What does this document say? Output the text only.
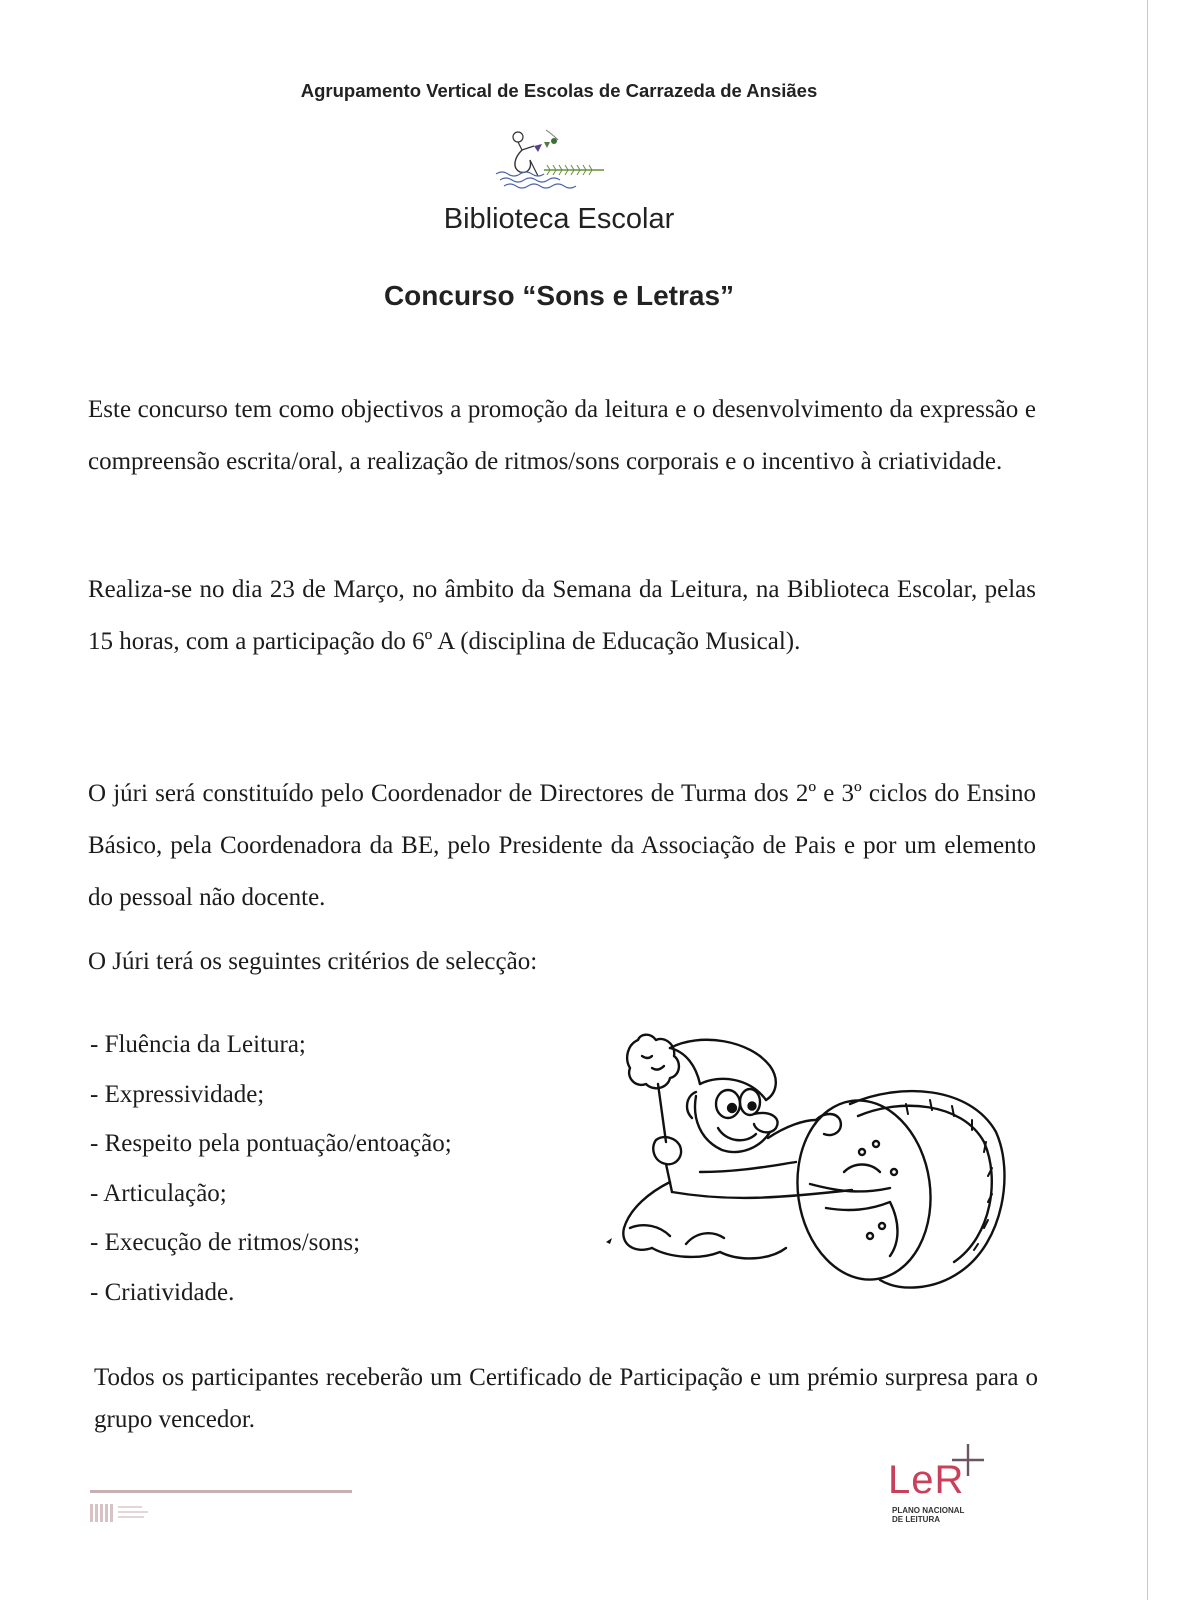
Agrupamento Vertical de Escolas de Carrazeda de Ansiães
Biblioteca Escolar
Concurso “Sons e Letras”
Este concurso tem como objectivos a promoção da leitura e o desenvolvimento da expressão e compreensão escrita/oral, a realização de ritmos/sons corporais e o incentivo à criatividade.
Realiza-se no dia 23 de Março, no âmbito da Semana da Leitura, na Biblioteca Escolar, pelas 15 horas, com a participação do 6º A (disciplina de Educação Musical).
O júri será constituído pelo Coordenador de Directores de Turma dos 2º e 3º ciclos do Ensino Básico, pela Coordenadora da BE, pelo Presidente da Associação de Pais e por um elemento do pessoal não docente.
O Júri terá os seguintes critérios de selecção:
- Fluência da Leitura;
- Expressividade;
- Respeito pela pontuação/entoação;
- Articulação;
- Execução de ritmos/sons;
- Criatividade.
Todos os participantes receberão um Certificado de Participação e um prémio surpresa para o grupo vencedor.
LeR
PLANO NACIONAL
DE LEITURA
